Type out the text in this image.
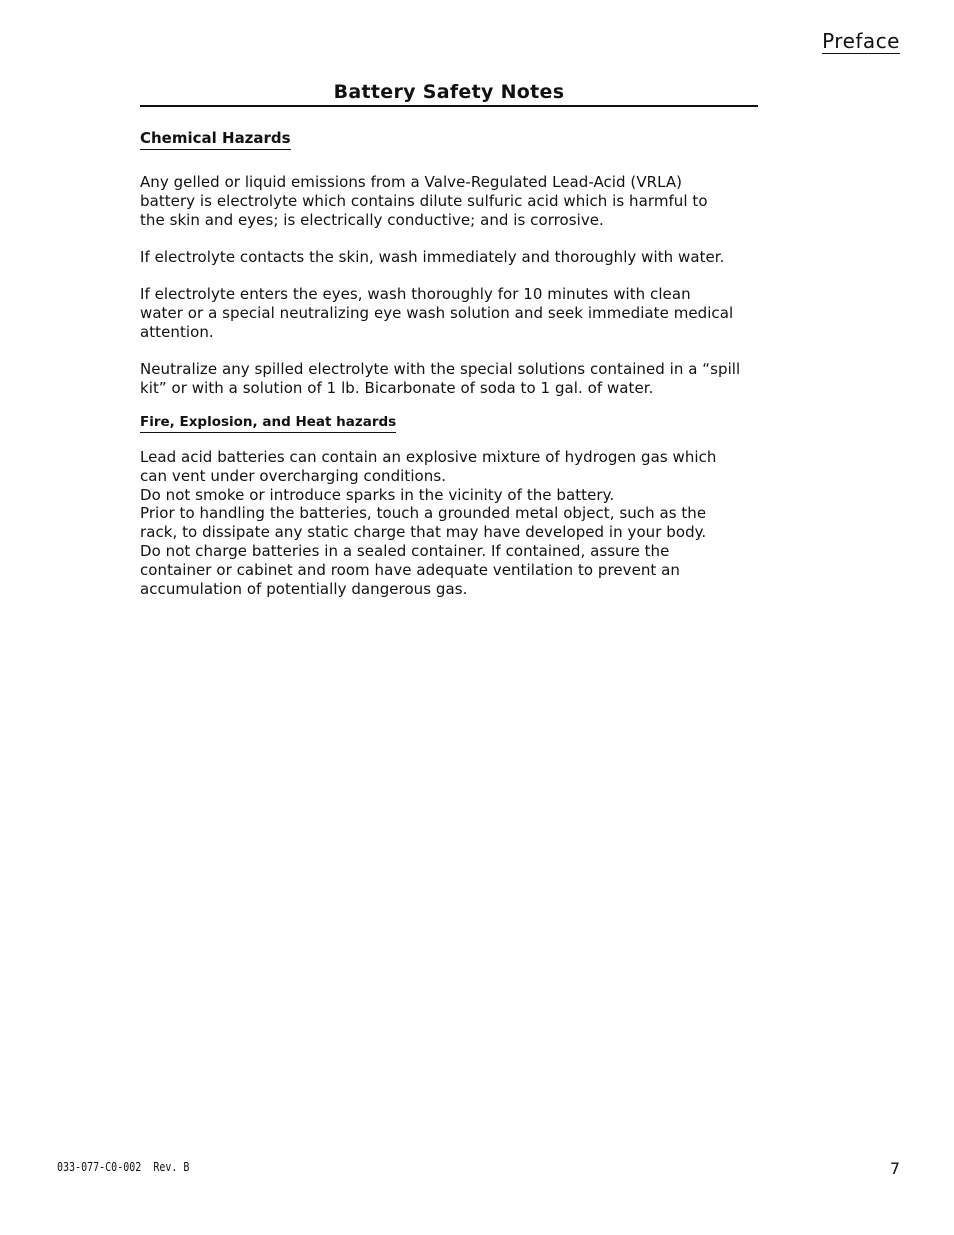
Preface
Battery Safety Notes
Chemical Hazards

Any gelled or liquid emissions from a Valve-Regulated Lead-Acid (VRLA)
battery is electrolyte which contains dilute sulfuric acid which is harmful to
the skin and eyes; is electrically conductive; and is corrosive.

If electrolyte contacts the skin, wash immediately and thoroughly with water.

If electrolyte enters the eyes, wash thoroughly for 10 minutes with clean
water or a special neutralizing eye wash solution and seek immediate medical
attention.

Neutralize any spilled electrolyte with the special solutions contained in a “spill
kit” or with a solution of 1 lb. Bicarbonate of soda to 1 gal. of water.

Fire, Explosion, and Heat hazards

Lead acid batteries can contain an explosive mixture of hydrogen gas which
can vent under overcharging conditions.
Do not smoke or introduce sparks in the vicinity of the battery.
Prior to handling the batteries, touch a grounded metal object, such as the
rack, to dissipate any static charge that may have developed in your body.
Do not charge batteries in a sealed container. If contained, assure the
container or cabinet and room have adequate ventilation to prevent an
accumulation of potentially dangerous gas.

033-077-C0-002  Rev. B	7
